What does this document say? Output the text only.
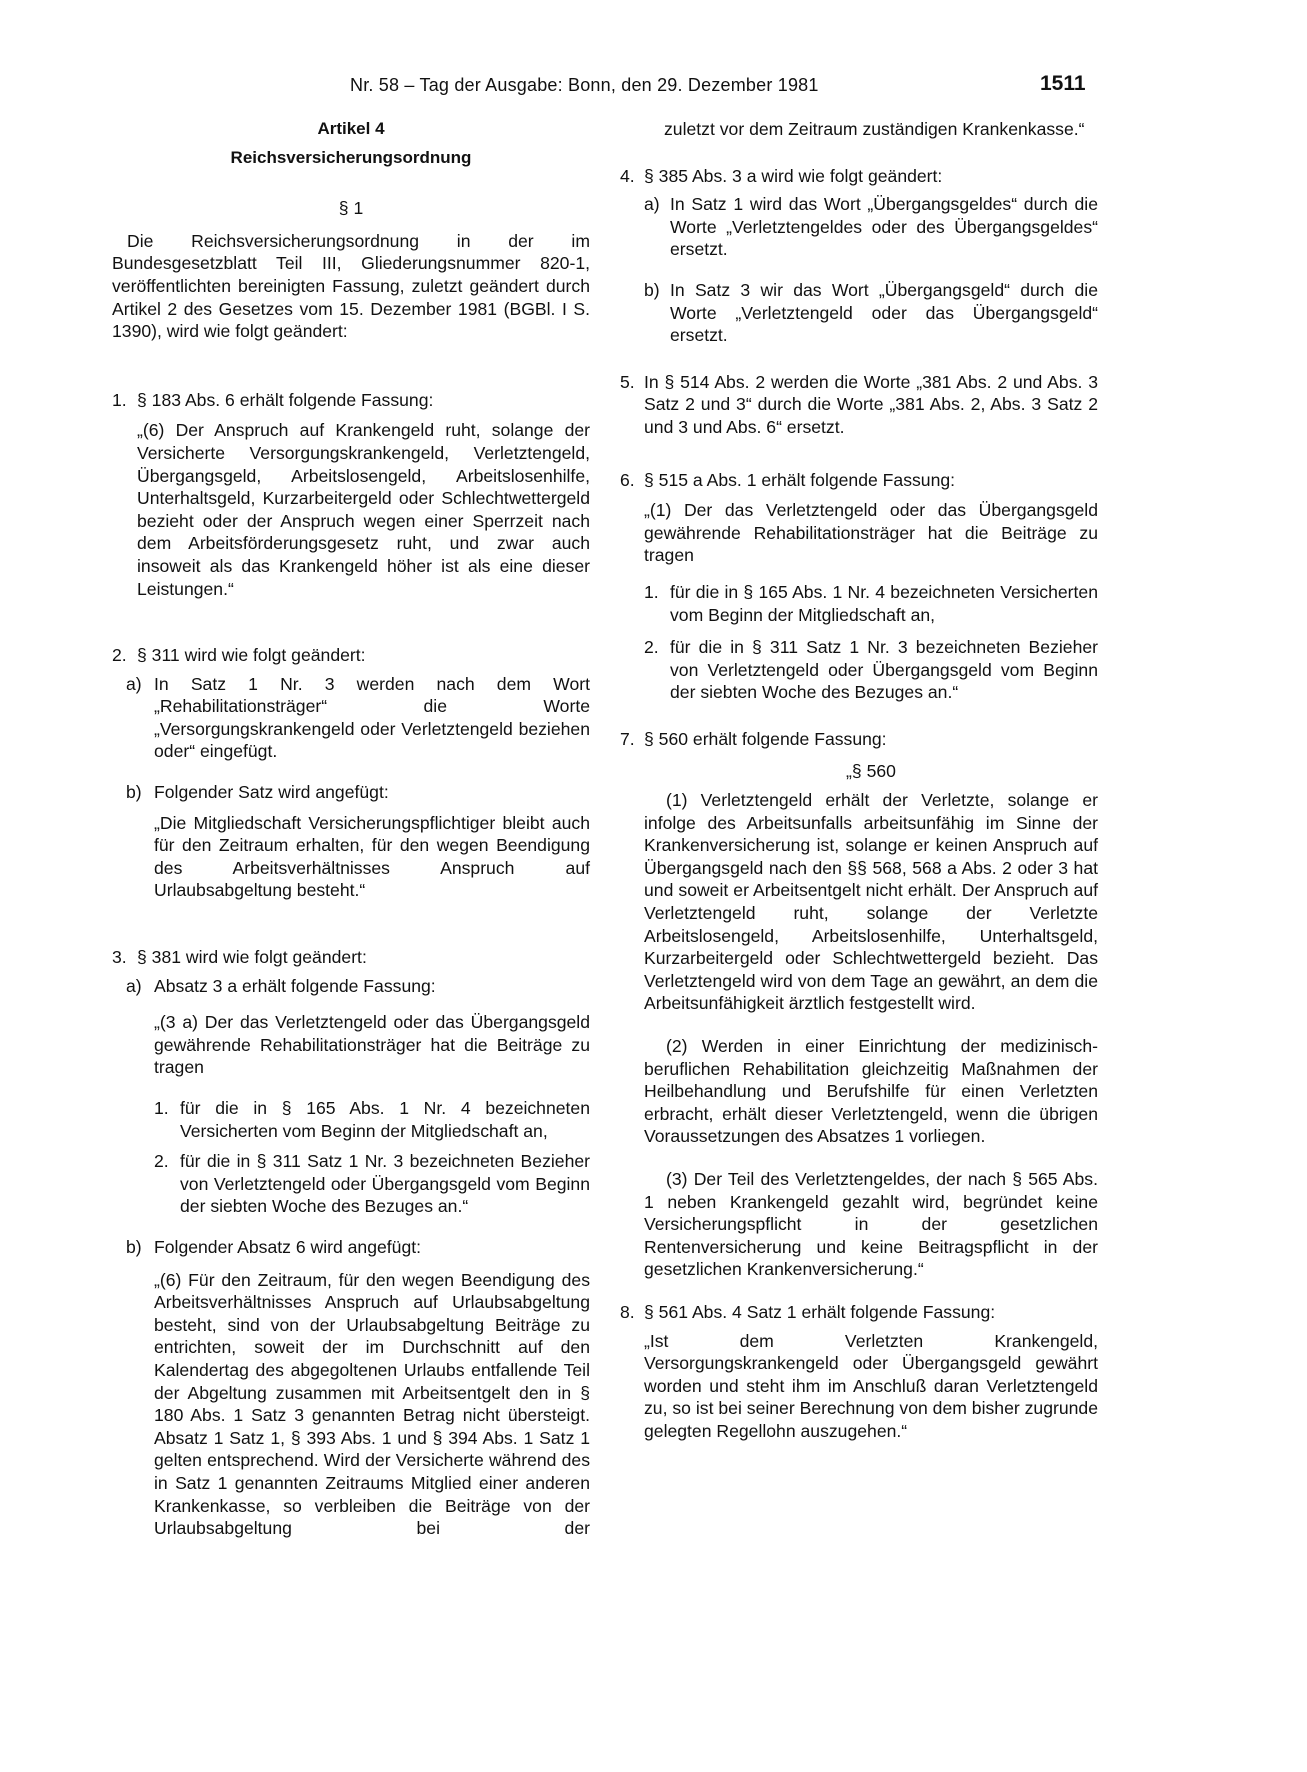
Nr. 58 – Tag der Ausgabe: Bonn, den 29. Dezember 1981	1511

Artikel 4

Reichsversicherungsordnung

§ 1

Die Reichsversicherungsordnung in der im Bundesgesetzblatt Teil III, Gliederungsnummer 820-1, veröffentlichten bereinigten Fassung, zuletzt geändert durch Artikel 2 des Gesetzes vom 15. Dezember 1981 (BGBl. I S. 1390), wird wie folgt geändert:

1. § 183 Abs. 6 erhält folgende Fassung:

„(6) Der Anspruch auf Krankengeld ruht, solange der Versicherte Versorgungskrankengeld, Verletztengeld, Übergangsgeld, Arbeitslosengeld, Arbeitslosenhilfe, Unterhaltsgeld, Kurzarbeitergeld oder Schlechtwettergeld bezieht oder der Anspruch wegen einer Sperrzeit nach dem Arbeitsförderungsgesetz ruht, und zwar auch insoweit als das Krankengeld höher ist als eine dieser Leistungen.“

2. § 311 wird wie folgt geändert:
a) In Satz 1 Nr. 3 werden nach dem Wort „Rehabilitationsträger“ die Worte „Versorgungskrankengeld oder Verletztengeld beziehen oder“ eingefügt.
b) Folgender Satz wird angefügt:

„Die Mitgliedschaft Versicherungspflichtiger bleibt auch für den Zeitraum erhalten, für den wegen Beendigung des Arbeitsverhältnisses Anspruch auf Urlaubsabgeltung besteht.“

3. § 381 wird wie folgt geändert:
a) Absatz 3 a erhält folgende Fassung:

„(3 a) Der das Verletztengeld oder das Übergangsgeld gewährende Rehabilitationsträger hat die Beiträge zu tragen

1. für die in § 165 Abs. 1 Nr. 4 bezeichneten Versicherten vom Beginn der Mitgliedschaft an,
2. für die in § 311 Satz 1 Nr. 3 bezeichneten Bezieher von Verletztengeld oder Übergangsgeld vom Beginn der siebten Woche des Bezuges an.“
b) Folgender Absatz 6 wird angefügt:

„(6) Für den Zeitraum, für den wegen Beendigung des Arbeitsverhältnisses Anspruch auf Urlaubsabgeltung besteht, sind von der Urlaubsabgeltung Beiträge zu entrichten, soweit der im Durchschnitt auf den Kalendertag des abgegoltenen Urlaubs entfallende Teil der Abgeltung zusammen mit Arbeitsentgelt den in § 180 Abs. 1 Satz 3 genannten Betrag nicht übersteigt. Absatz 1 Satz 1, § 393 Abs. 1 und § 394 Abs. 1 Satz 1 gelten entsprechend. Wird der Versicherte während des in Satz 1 genannten Zeitraums Mitglied einer anderen Krankenkasse, so verbleiben die Beiträge von der Urlaubsabgeltung bei der

zuletzt vor dem Zeitraum zuständigen Krankenkasse.“

4. § 385 Abs. 3 a wird wie folgt geändert:
a) In Satz 1 wird das Wort „Übergangsgeldes“ durch die Worte „Verletztengeldes oder des Übergangsgeldes“ ersetzt.
b) In Satz 3 wir das Wort „Übergangsgeld“ durch die Worte „Verletztengeld oder das Übergangsgeld“ ersetzt.
5. In § 514 Abs. 2 werden die Worte „381 Abs. 2 und Abs. 3 Satz 2 und 3“ durch die Worte „381 Abs. 2, Abs. 3 Satz 2 und 3 und Abs. 6“ ersetzt.
6. § 515 a Abs. 1 erhält folgende Fassung:

„(1) Der das Verletztengeld oder das Übergangsgeld gewährende Rehabilitationsträger hat die Beiträge zu tragen

1. für die in § 165 Abs. 1 Nr. 4 bezeichneten Versicherten vom Beginn der Mitgliedschaft an,
2. für die in § 311 Satz 1 Nr. 3 bezeichneten Bezieher von Verletztengeld oder Übergangsgeld vom Beginn der siebten Woche des Bezuges an.“
7. § 560 erhält folgende Fassung:

„§ 560

(1) Verletztengeld erhält der Verletzte, solange er infolge des Arbeitsunfalls arbeitsunfähig im Sinne der Krankenversicherung ist, solange er keinen Anspruch auf Übergangsgeld nach den §§ 568, 568 a Abs. 2 oder 3 hat und soweit er Arbeitsentgelt nicht erhält. Der Anspruch auf Verletztengeld ruht, solange der Verletzte Arbeitslosengeld, Arbeitslosenhilfe, Unterhaltsgeld, Kurzarbeitergeld oder Schlechtwettergeld bezieht. Das Verletztengeld wird von dem Tage an gewährt, an dem die Arbeitsunfähigkeit ärztlich festgestellt wird.

(2) Werden in einer Einrichtung der medizinisch-beruflichen Rehabilitation gleichzeitig Maßnahmen der Heilbehandlung und Berufshilfe für einen Verletzten erbracht, erhält dieser Verletztengeld, wenn die übrigen Voraussetzungen des Absatzes 1 vorliegen.

(3) Der Teil des Verletztengeldes, der nach § 565 Abs. 1 neben Krankengeld gezahlt wird, begründet keine Versicherungspflicht in der gesetzlichen Rentenversicherung und keine Beitragspflicht in der gesetzlichen Krankenversicherung.“

8. § 561 Abs. 4 Satz 1 erhält folgende Fassung:

„Ist dem Verletzten Krankengeld, Versorgungskrankengeld oder Übergangsgeld gewährt worden und steht ihm im Anschluß daran Verletztengeld zu, so ist bei seiner Berechnung von dem bisher zugrunde gelegten Regellohn auszugehen.“
